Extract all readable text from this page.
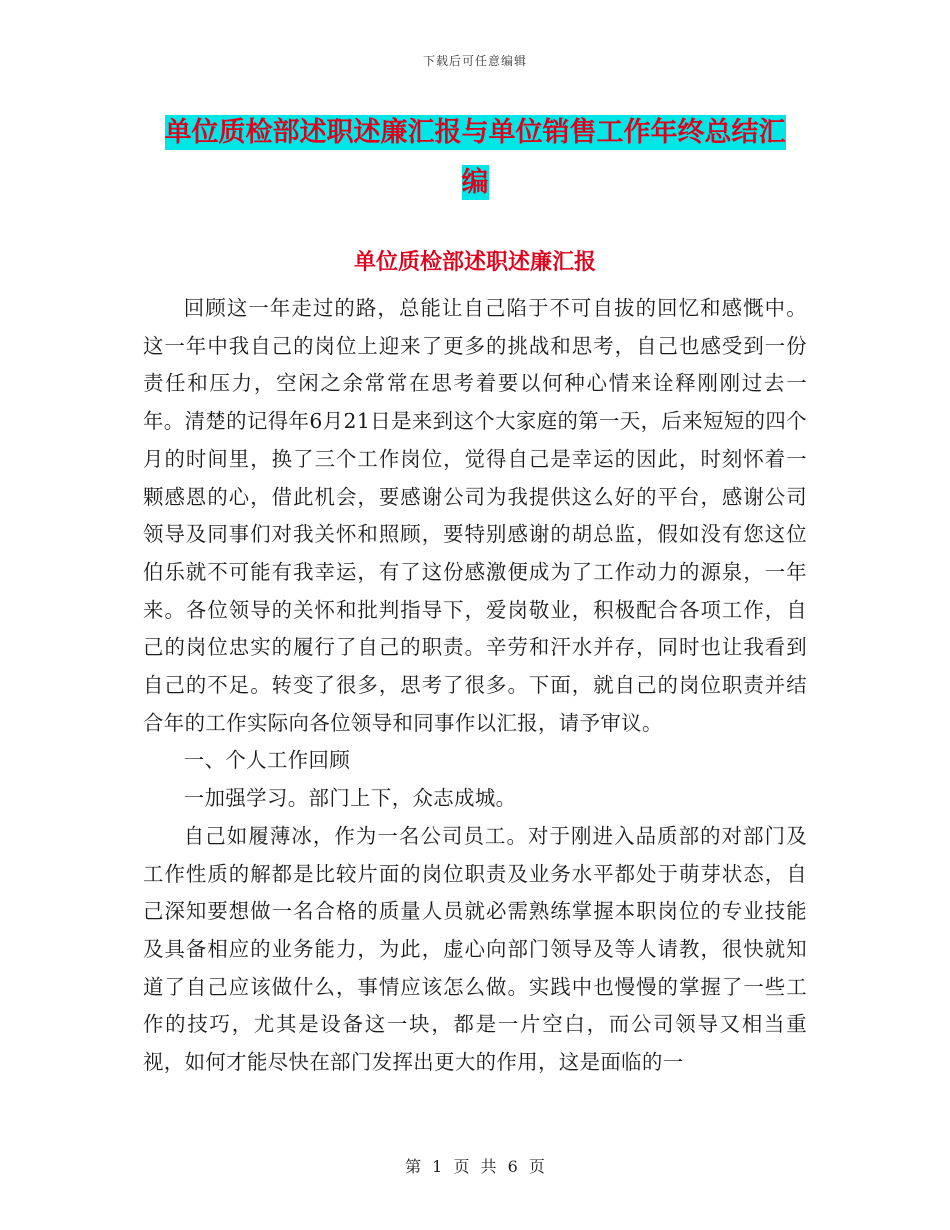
下载后可任意编辑
单位质检部述职述廉汇报与单位销售工作年终总结汇
编
单位质检部述职述廉汇报

回顾这一年走过的路，总能让自己陷于不可自拔的回忆和感慨中。这一年中我自己的岗位上迎来了更多的挑战和思考，自己也感受到一份责任和压力，空闲之余常常在思考着要以何种心情来诠释刚刚过去一年。清楚的记得年6月21日是来到这个大家庭的第一天，后来短短的四个月的时间里，换了三个工作岗位，觉得自己是幸运的因此，时刻怀着一颗感恩的心，借此机会，要感谢公司为我提供这么好的平台，感谢公司领导及同事们对我关怀和照顾，要特别感谢的胡总监，假如没有您这位伯乐就不可能有我幸运，有了这份感激便成为了工作动力的源泉，一年来。各位领导的关怀和批判指导下，爱岗敬业，积极配合各项工作，自己的岗位忠实的履行了自己的职责。辛劳和汗水并存，同时也让我看到自己的不足。转变了很多，思考了很多。下面，就自己的岗位职责并结合年的工作实际向各位领导和同事作以汇报，请予审议。

一、个人工作回顾

一加强学习。部门上下，众志成城。

自己如履薄冰，作为一名公司员工。对于刚进入品质部的对部门及工作性质的解都是比较片面的岗位职责及业务水平都处于萌芽状态，自己深知要想做一名合格的质量人员就必需熟练掌握本职岗位的专业技能及具备相应的业务能力，为此，虚心向部门领导及等人请教，很快就知道了自己应该做什么，事情应该怎么做。实践中也慢慢的掌握了一些工作的技巧，尤其是设备这一块，都是一片空白，而公司领导又相当重视，如何才能尽快在部门发挥出更大的作用，这是面临的一

第 1 页 共 6 页
